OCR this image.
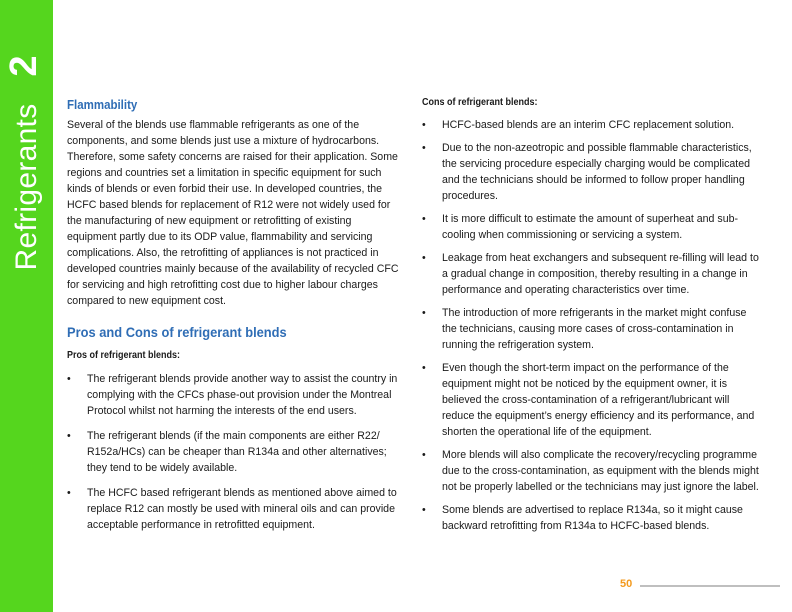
2
Refrigerants Flammability

Several of the blends use flammable refrigerants as one of the components, and some blends just use a mixture of hydrocarbons. Therefore, some safety concerns are raised for their application. Some regions and countries set a limitation in specific equipment for such kinds of blends or even forbid their use. In developed countries, the HCFC based blends for replacement of R12 were not widely used for the manufacturing of new equipment or retrofitting of existing equipment partly due to its ODP value, flammability and servicing complications. Also, the retrofitting of appliances is not practiced in developed countries mainly because of the availability of recycled CFC for servicing and high retrofitting cost due to higher labour charges compared to new equipment cost.

Pros and Cons of refrigerant blends
Pros of refrigerant blends:
• The refrigerant blends provide another way to assist the country in complying with the CFCs phase-out provision under the Montreal Protocol whilst not harming the interests of the end users.
• The refrigerant blends (if the main components are either R22/ R152a/HCs) can be cheaper than R134a and other alternatives; they tend to be widely available.
• The HCFC based refrigerant blends as mentioned above aimed to replace R12 can mostly be used with mineral oils and can provide acceptable performance in retrofitted equipment.
Cons of refrigerant blends:
• HCFC-based blends are an interim CFC replacement solution.
• Due to the non-azeotropic and possible flammable characteristics, the servicing procedure especially charging would be complicated and the technicians should be informed to follow proper handling procedures.
• It is more difficult to estimate the amount of superheat and sub-cooling when commissioning or servicing a system.
• Leakage from heat exchangers and subsequent re-filling will lead to a gradual change in composition, thereby resulting in a change in performance and operating characteristics over time.
• The introduction of more refrigerants in the market might confuse the technicians, causing more cases of cross-contamination in running the refrigeration system.
• Even though the short-term impact on the performance of the equipment might not be noticed by the equipment owner, it is believed the cross-contamination of a refrigerant/lubricant will reduce the equipment’s energy efficiency and its performance, and shorten the operational life of the equipment.
• More blends will also complicate the recovery/recycling programme due to the cross-contamination, as equipment with the blends might not be properly labelled or the technicians may just ignore the label.
• Some blends are advertised to replace R134a, so it might cause backward retrofitting from R134a to HCFC-based blends.
50
